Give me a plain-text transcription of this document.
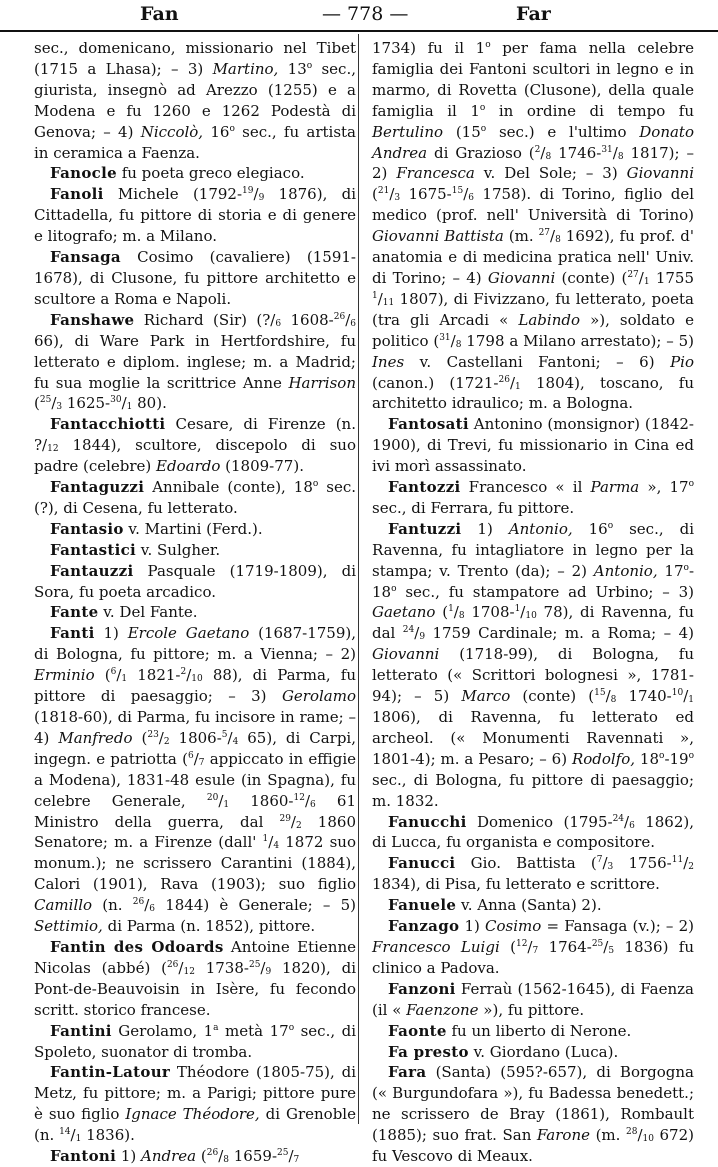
Fan	— 778 —	Far

sec., domenicano, missionario nel Tibet (1715 a Lhasa); – 3) Martino, 13$^o$ sec., giurista, insegnò ad Arezzo (1255) e a Modena e fu 1260 e 1262 Podestà di Genova; – 4) Niccolò, 16$^o$ sec., fu artista in ceramica a Faenza.

Fanocle fu poeta greco elegiaco.

Fanoli Michele ($1792-^{19}/_9$ 1876), di Cittadella, fu pittore di storia e di genere e litografo; m. a Milano.

Fansaga Cosimo (cavaliere) (1591-1678), di Clusone, fu pittore architetto e scultore a Roma e Napoli.

Fanshawe Richard (Sir) ($?/_6$ $1608-^{26}/_6$ 66), di Ware Park in Hertfordshire, fu letterato e diplom. inglese; m. a Madrid; fu sua moglie la scrittrice Anne Harrison ($^{25}/_3$ $1625-^{30}/_1$ 80).

Fantacchiotti Cesare, di Firenze (n. $?/_{12}$ 1844), scultore, discepolo di suo padre (celebre) Edoardo (1809-77).

Fantaguzzi Annibale (conte), 18$^o$ sec. (?), di Cesena, fu letterato.

Fantasio v. Martini (Ferd.).

Fantastici v. Sulgher.

Fantauzzi Pasquale (1719-1809), di Sora, fu poeta arcadico.

Fante v. Del Fante.

Fanti 1) Ercole Gaetano (1687-1759), di Bologna, fu pittore; m. a Vienna; – 2) Erminio ($^6/_1$ $1821-^2/_{10}$ 88), di Parma, fu pittore di paesaggio; – 3) Gerolamo (1818-60), di Parma, fu incisore in rame; – 4) Manfredo ($^{23}/_2$ $1806-^5/_4$ 65), di Carpi, ingegn. e patriotta ($^6/_7$ appiccato in effigie a Modena), 1831-48 esule (in Spagna), fu celebre Generale, $^{20}/_1$ $1860-^{12}/_6$ 61 Ministro della guerra, dal $^{29}/_2$ 1860 Senatore; m. a Firenze (dall' $^1/_4$ 1872 suo monum.); ne scrissero Carantini (1884), Calori (1901), Rava (1903); suo figlio Camillo (n. $^{26}/_6$ 1844) è Generale; – 5) Settimio, di Parma (n. 1852), pittore.

Fantin des Odoards Antoine Etienne Nicolas (abbé) ($^{26}/_{12}$ $1738-^{25}/_9$ 1820), di Pont-de-Beauvoisin in Isère, fu fecondo scritt. storico francese.

Fantini Gerolamo, 1$^a$ metà 17$^o$ sec., di Spoleto, suonator di tromba.

Fantin-Latour Théodore (1805-75), di Metz, fu pittore; m. a Parigi; pittore pure è suo figlio Ignace Théodore, di Grenoble (n. $^{14}/_1$ 1836).

Fantoni 1) Andrea ($^{26}/_8$ $1659-^{25}/_7$

1734) fu il 1$^o$ per fama nella celebre famiglia dei Fantoni scultori in legno e in marmo, di Rovetta (Clusone), della quale famiglia il 1$^o$ in ordine di tempo fu Bertulino (15$^o$ sec.) e l'ultimo Donato Andrea di Grazioso ($^2/_8$ $1746-^{31}/_8$ 1817); – 2) Francesca v. Del Sole; – 3) Giovanni ($^{21}/_3$ $1675-^{15}/_6$ 1758). di Torino, figlio del medico (prof. nell' Università di Torino) Giovanni Battista (m. $^{27}/_8$ 1692), fu prof. d' anatomia e di medicina pratica nell' Univ. di Torino; – 4) Giovanni (conte) ($^{27}/_1$ 1755 $^1/_{11}$ 1807), di Fivizzano, fu letterato, poeta (tra gli Arcadi « Labindo »), soldato e politico ($^{31}/_8$ 1798 a Milano arrestato); – 5) Ines v. Castellani Fantoni; – 6) Pio (canon.) ($1721-^{26}/_1$ 1804), toscano, fu architetto idraulico; m. a Bologna.

Fantosati Antonino (monsignor) (1842-1900), di Trevi, fu missionario in Cina ed ivi morì assassinato.

Fantozzi Francesco « il Parma », 17$^o$ sec., di Ferrara, fu pittore.

Fantuzzi 1) Antonio, 16$^o$ sec., di Ravenna, fu intagliatore in legno per la stampa; v. Trento (da); – 2) Antonio, 17$^o$-18$^o$ sec., fu stampatore ad Urbino; – 3) Gaetano ($^1/_8$ $1708-^1/_{10}$ 78), di Ravenna, fu dal $^{24}/_9$ 1759 Cardinale; m. a Roma; – 4) Giovanni (1718-99), di Bologna, fu letterato (« Scrittori bolognesi », 1781-94); – 5) Marco (conte) ($^{15}/_8$ $1740-^{10}/_1$ 1806), di Ravenna, fu letterato ed archeol. (« Monumenti Ravennati », 1801-4); m. a Pesaro; – 6) Rodolfo, 18$^o$-19$^o$ sec., di Bologna, fu pittore di paesaggio; m. 1832.

Fanucchi Domenico ($1795-^{24}/_6$ 1862), di Lucca, fu organista e compositore.

Fanucci Gio. Battista ($^7/_3$ $1756-^{11}/_2$ 1834), di Pisa, fu letterato e scrittore.

Fanuele v. Anna (Santa) 2).

Fanzago 1) Cosimo = Fansaga (v.); – 2) Francesco Luigi ($^{12}/_7$ $1764-^{25}/_5$ 1836) fu clinico a Padova.

Fanzoni Ferraù (1562-1645), di Faenza (il « Faenzone »), fu pittore.

Faonte fu un liberto di Nerone.

Fa presto v. Giordano (Luca).

Fara (Santa) (595?-657), di Borgogna (« Burgundofara »), fu Badessa benedett.; ne scrissero de Bray (1861), Rombault (1885); suo frat. San Farone (m. $^{28}/_{10}$ 672) fu Vescovo di Meaux.
